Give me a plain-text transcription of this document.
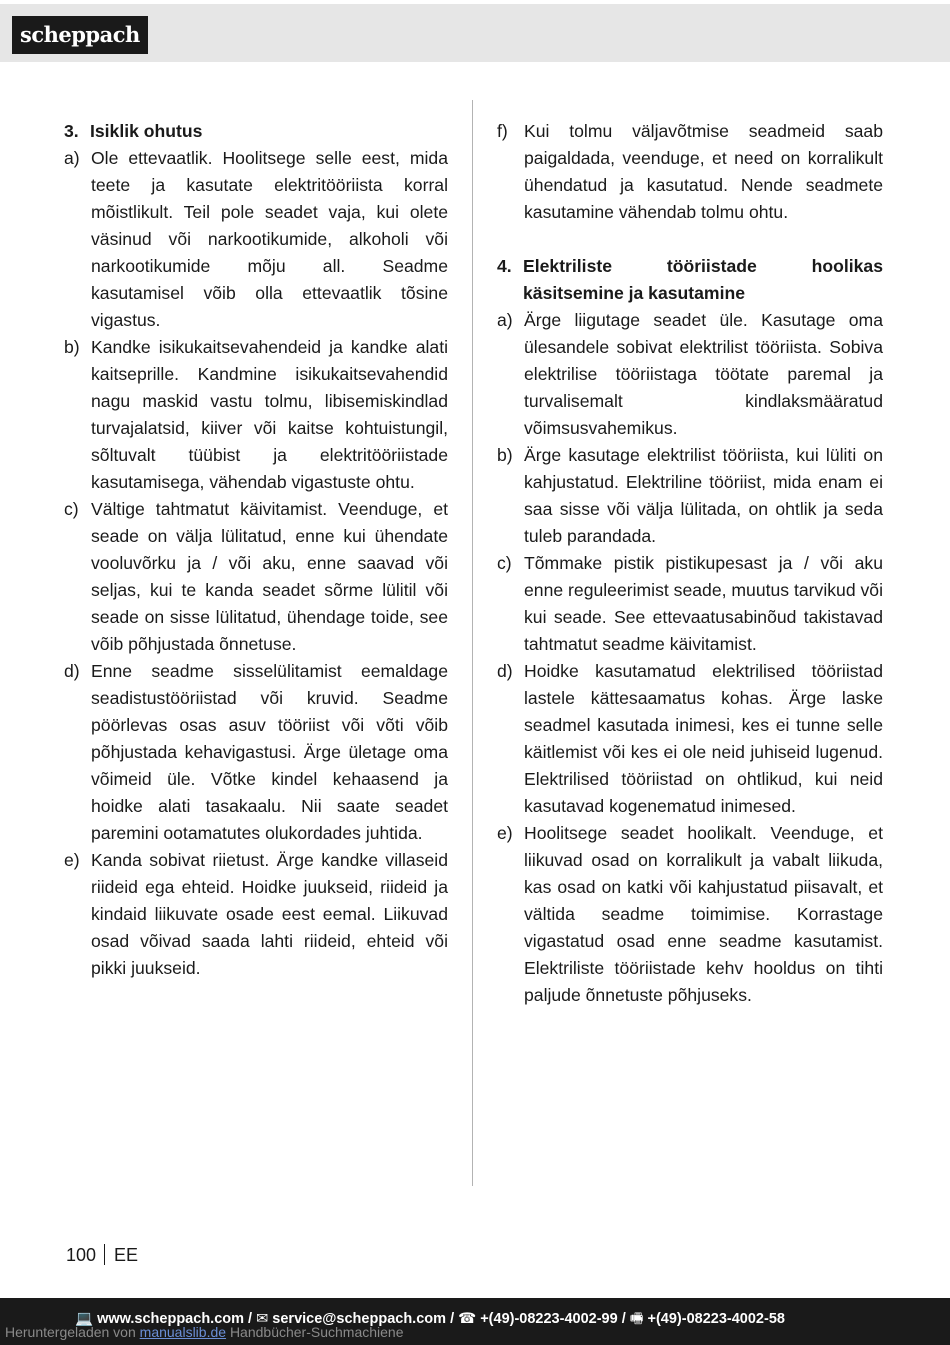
scheppach
3. Isiklik ohutus
a) Ole ettevaatlik. Hoolitsege selle eest, mida teete ja kasutate elektritööriista korral mõistlikult. Teil pole seadet vaja, kui olete väsinud või narkootikumide, alkoholi või narkootikumide mõju all. Seadme kasutamisel võib olla ettevaatlik tõsine vigastus.
b) Kandke isikukaitsevahendeid ja kandke alati kaitseprille. Kandmine isikukaitsevahendid nagu maskid vastu tolmu, libisemiskindlad turvajalatsid, kiiver või kaitse kohtuistungil, sõltuvalt tüübist ja elektritööriistade kasutamisega, vähendab vigastuste ohtu.
c) Vältige tahtmatut käivitamist. Veenduge, et seade on välja lülitatud, enne kui ühendate vooluvõrku ja / või aku, enne saavad või seljas, kui te kanda seadet sõrme lülitil või seade on sisse lülitatud, ühendage toide, see võib põhjustada õnnetuse.
d) Enne seadme sisselülitamist eemaldage seadistustööriistad või kruvid. Seadme pöörlevas osas asuv tööriist või võti võib põhjustada kehavigastusi. Ärge ületage oma võimeid üle. Võtke kindel kehaasend ja hoidke alati tasakaalu. Nii saate seadet paremini ootamatutes olukordades juhtida.
e) Kanda sobivat riietust. Ärge kandke villaseid riideid ega ehteid. Hoidke juukseid, riideid ja kindaid liikuvate osade eest eemal. Liikuvad osad võivad saada lahti riideid, ehteid või pikki juukseid.
f) Kui tolmu väljavõtmise seadmeid saab paigaldada, veenduge, et need on korralikult ühendatud ja kasutatud. Nende seadmete kasutamine vähendab tolmu ohtu.
4. Elektriliste tööriistade hoolikas käsitsemine ja kasutamine
a) Ärge liigutage seadet üle. Kasutage oma ülesandele sobivat elektrilist tööriista. Sobiva elektrilise tööriistaga töötate paremal ja turvalisemalt kindlaksmääratud võimsusvahemikus.
b) Ärge kasutage elektrilist tööriista, kui lüliti on kahjustatud. Elektriline tööriist, mida enam ei saa sisse või välja lülitada, on ohtlik ja seda tuleb parandada.
c) Tõmmake pistik pistikupesast ja / või aku enne reguleerimist seade, muutus tarvikud või kui seade. See ettevaatusabinõud takistavad tahtmatut seadme käivitamist.
d) Hoidke kasutamatud elektrilised tööriistad lastele kättesaamatus kohas. Ärge laske seadmel kasutada inimesi, kes ei tunne selle käitlemist või kes ei ole neid juhiseid lugenud. Elektrilised tööriistad on ohtlikud, kui neid kasutavad kogenematud inimesed.
e) Hoolitsege seadet hoolikalt. Veenduge, et liikuvad osad on korralikult ja vabalt liikuda, kas osad on katki või kahjustatud piisavalt, et vältida seadme toimimise. Korrastage vigastatud osad enne seadme kasutamist. Elektriliste tööriistade kehv hooldus on tihti paljude õnnetuste põhjuseks.
100 EE
💻 www.scheppach.com / ✉ service@scheppach.com / ☎ +(49)-08223-4002-99 / 🖷 +(49)-08223-4002-58
Heruntergeladen von manualslib.de Handbücher-Suchmachiene
